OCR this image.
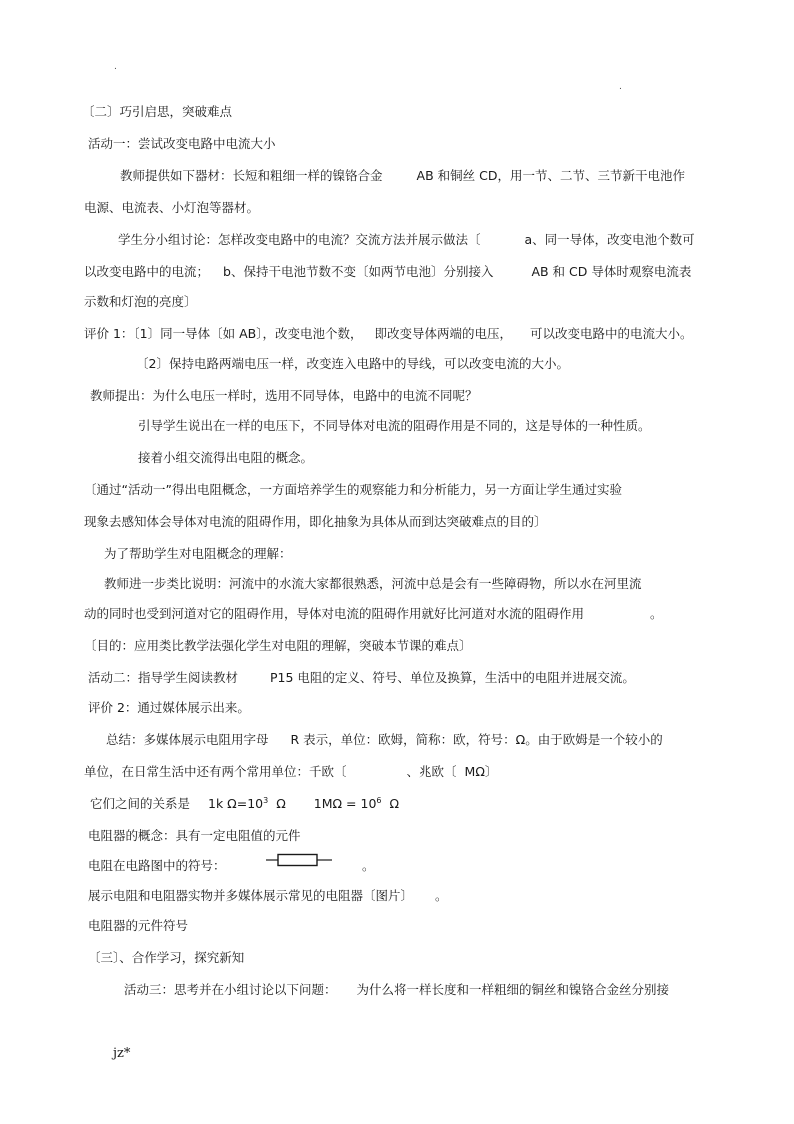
.
.
〔二〕巧引启思，突破难点
活动一：尝试改变电路中电流大小
教师提供如下器材：长短和粗细一样的镍铬合金	AB 和铜丝 CD，用一节、二节、三节新干电池作
电源、电流表、小灯泡等器材。
学生分小组讨论：怎样改变电路中的电流？交流方法并展示做法〔	a、同一导体，改变电池个数可
以改变电路中的电流； b、保持干电池节数不变〔如两节电池〕分别接入	AB 和 CD 导体时观察电流表
示数和灯泡的亮度〕
评价 1：〔1〕同一导体〔如 AB〕，改变电池个数， 即改变导体两端的电压， 可以改变电路中的电流大小。
〔2〕保持电路两端电压一样，改变连入电路中的导线，可以改变电流的大小。
教师提出：为什么电压一样时，选用不同导体，电路中的电流不同呢？
引导学生说出在一样的电压下，不同导体对电流的阻碍作用是不同的，这是导体的一种性质。
接着小组交流得出电阻的概念。
〔通过“活动一”得出电阻概念，一方面培养学生的观察能力和分析能力，另一方面让学生通过实验
现象去感知体会导体对电流的阻碍作用，即化抽象为具体从而到达突破难点的目的〕
为了帮助学生对电阻概念的理解：
教师进一步类比说明：河流中的水流大家都很熟悉，河流中总是会有一些障碍物，所以水在河里流
动的同时也受到河道对它的阻碍作用，导体对电流的阻碍作用就好比河道对水流的阻碍作用	。
〔目的：应用类比教学法强化学生对电阻的理解，突破本节课的难点〕
活动二：指导学生阅读教材	P15 电阻的定义、符号、单位及换算，生活中的电阻并进展交流。
评价 2：通过媒体展示出来。
总结：多媒体展示电阻用字母 R 表示，单位：欧姆，简称：欧，符号：Ω。由于欧姆是一个较小的
单位，在日常生活中还有两个常用单位：千欧〔	、兆欧〔 MΩ〕
它们之间的关系是 1k $\Omega=10^3$ Ω $1M\Omega = 10^6$ Ω
电阻器的概念：具有一定电阻值的元件
电阻在电路图中的符号：	。
展示电阻和电阻器实物并多媒体展示常见的电阻器〔图片〕 。
电阻器的元件符号
〔三〕、合作学习，探究新知
活动三：思考并在小组讨论以下问题： 为什么将一样长度和一样粗细的铜丝和镍铬合金丝分别接
jz*
